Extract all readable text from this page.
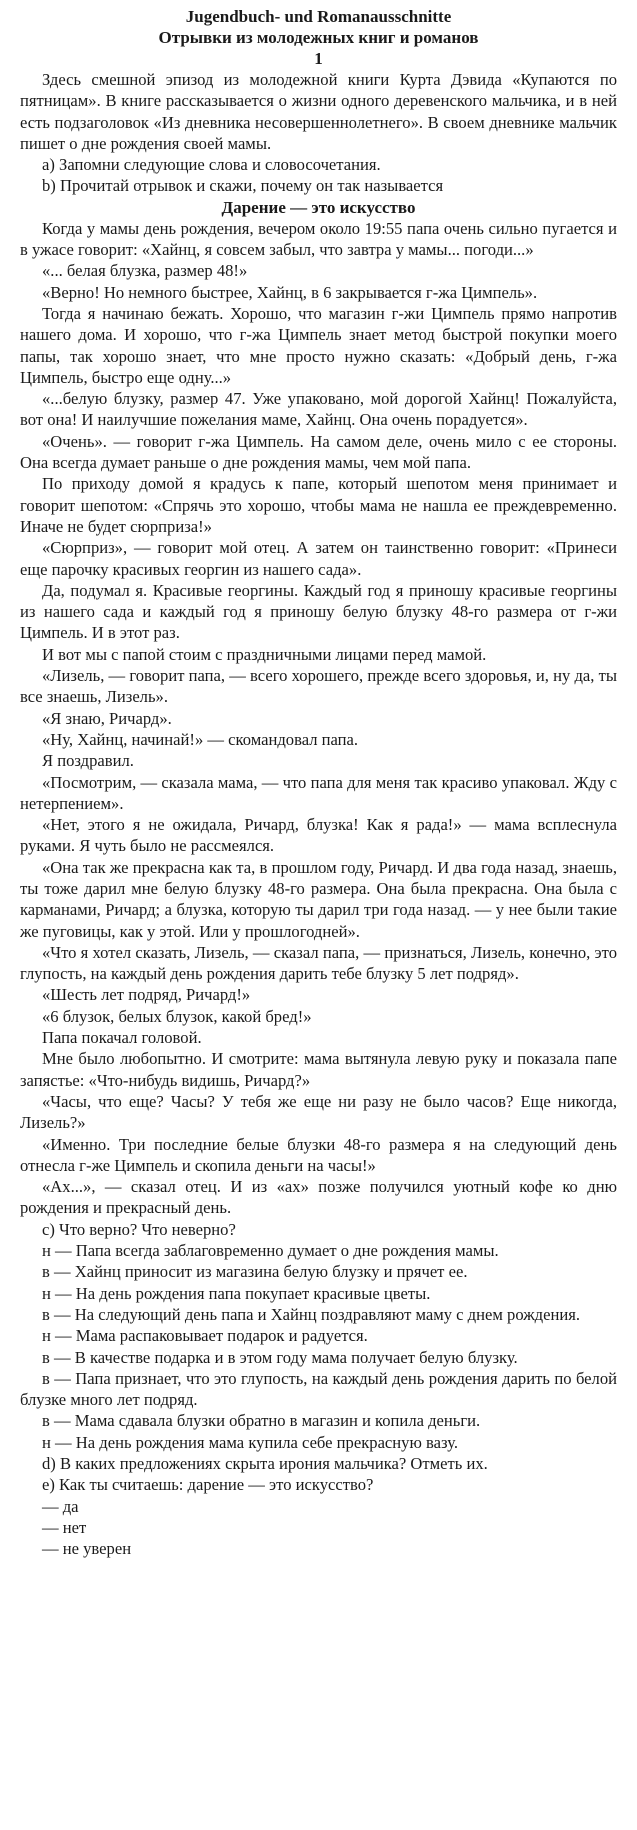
Jugendbuch- und Romanausschnitte

Отрывки из молодежных книг и романов

1

Здесь смешной эпизод из молодежной книги Курта Дэвида «Купаются по пятницам». В книге рассказывается о жизни одного деревенского мальчика, и в ней есть подзаголовок «Из дневника несовершеннолетнего». В своем дневнике мальчик пишет о дне рождения своей мамы.

а) Запомни следующие слова и словосочетания.

b) Прочитай отрывок и скажи, почему он так называется

Дарение — это искусство

Когда у мамы день рождения, вечером около 19:55 папа очень сильно пугается и в ужасе говорит: «Хайнц, я совсем забыл, что завтра у мамы... погоди...»

«... белая блузка, размер 48!»

«Верно! Но немного быстрее, Хайнц, в 6 закрывается г-жа Цимпель».

Тогда я начинаю бежать. Хорошо, что магазин г-жи Цимпель прямо напротив нашего дома. И хорошо, что г-жа Цимпель знает метод быстрой покупки моего папы, так хорошо знает, что мне просто нужно сказать: «Добрый день, г-жа Цимпель, быстро еще одну...»

«...белую блузку, размер 47. Уже упаковано, мой дорогой Хайнц! Пожалуйста, вот она! И наилучшие пожелания маме, Хайнц. Она очень порадуется».

«Очень». — говорит г-жа Цимпель. На самом деле, очень мило с ее стороны. Она всегда думает раньше о дне рождения мамы, чем мой папа.

По приходу домой я крадусь к папе, который шепотом меня принимает и говорит шепотом: «Спрячь это хорошо, чтобы мама не нашла ее преждевременно. Иначе не будет сюрприза!»

«Сюрприз», — говорит мой отец. А затем он таинственно говорит: «Принеси еще парочку красивых георгин из нашего сада».

Да, подумал я. Красивые георгины. Каждый год я приношу красивые георгины из нашего сада и каждый год я приношу белую блузку 48-го размера от г-жи Цимпель. И в этот раз.

И вот мы с папой стоим с праздничными лицами перед мамой.

«Лизель, — говорит папа, — всего хорошего, прежде всего здоровья, и, ну да, ты все знаешь, Лизель».

«Я знаю, Ричард».

«Ну, Хайнц, начинай!» — скомандовал папа.

Я поздравил.

«Посмотрим, — сказала мама, — что папа для меня так красиво упаковал. Жду с нетерпением».

«Нет, этого я не ожидала, Ричард, блузка! Как я рада!» — мама всплеснула руками. Я чуть было не рассмеялся.

«Она так же прекрасна как та, в прошлом году, Ричард. И два года назад, знаешь, ты тоже дарил мне белую блузку 48-го размера. Она была прекрасна. Она была с карманами, Ричард; а блузка, которую ты дарил три года назад. — у нее были такие же пуговицы, как у этой. Или у прошлогодней».

«Что я хотел сказать, Лизель, — сказал папа, — признаться, Лизель, конечно, это глупость, на каждый день рождения дарить тебе блузку 5 лет подряд».

«Шесть лет подряд, Ричард!»

«6 блузок, белых блузок, какой бред!»

Папа покачал головой.

Мне было любопытно. И смотрите: мама вытянула левую руку и показала папе запястье: «Что-нибудь видишь, Ричард?»

«Часы, что еще? Часы? У тебя же еще ни разу не было часов? Еще никогда, Лизель?»

«Именно. Три последние белые блузки 48-го размера я на следующий день отнесла г-же Цимпель и скопила деньги на часы!»

«Ах...», — сказал отец. И из «ах» позже получился уютный кофе ко дню рождения и прекрасный день.

с) Что верно? Что неверно?

н — Папа всегда заблаговременно думает о дне рождения мамы.

в — Хайнц приносит из магазина белую блузку и прячет ее.

н — На день рождения папа покупает красивые цветы.

в — На следующий день папа и Хайнц поздравляют маму с днем рождения.

н — Мама распаковывает подарок и радуется.

в — В качестве подарка и в этом году мама получает белую блузку.

в — Папа признает, что это глупость, на каждый день рождения дарить по белой блузке много лет подряд.

в — Мама сдавала блузки обратно в магазин и копила деньги.

н — На день рождения мама купила себе прекрасную вазу.

d) В каких предложениях скрыта ирония мальчика? Отметь их.

е) Как ты считаешь: дарение — это искусство?

— да

— нет

— не уверен
